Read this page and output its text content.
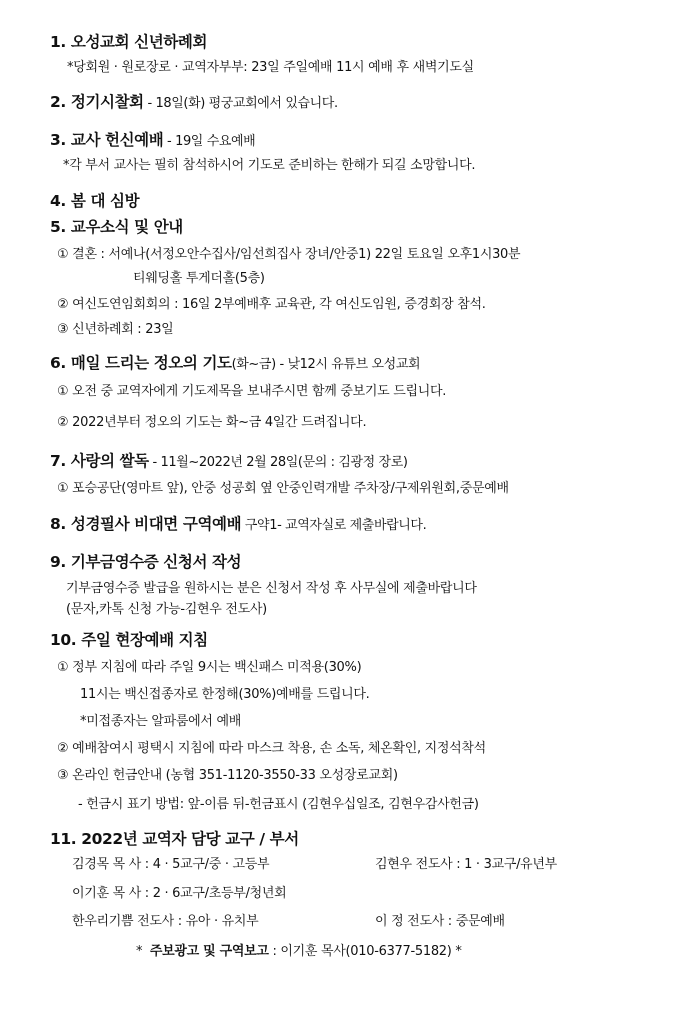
1. 오성교회 신년하례회
*당회원 · 원로장로 · 교역자부부: 23일 주일예배 11시 예배 후 새벽기도실
2. 정기시찰회 - 18일(화) 평궁교회에서 있습니다.
3. 교사 헌신예배 - 19일 수요예배
*각 부서 교사는 필히 참석하시어 기도로 준비하는 한해가 되길 소망합니다.
4. 봄 대 심방
5. 교우소식 및 안내
① 결혼 : 서예나(서정오안수집사/임선희집사 장녀/안중1) 22일 토요일 오후1시30분
티웨딩홀 투게더홀(5층)
② 여신도연임회회의 : 16일 2부예배후 교육관, 각 여신도임원, 증경회장 참석.
③ 신년하례회 : 23일
6. 매일 드리는 정오의 기도(화~금) - 낮12시 유튜브 오성교회
① 오전 중 교역자에게 기도제목을 보내주시면 함께 중보기도 드립니다.
② 2022년부터 정오의 기도는 화~금 4일간 드려집니다.
7. 사랑의 쌀독 - 11월~2022년 2월 28일(문의 : 김광정 장로)
① 포승공단(영마트 앞), 안중 성공회 옆 안중인력개발 주차장/구제위원회,중문예배
8. 성경필사 비대면 구역예배 구약1- 교역자실로 제출바랍니다.
9. 기부금영수증 신청서 작성
기부금영수증 발급을 원하시는 분은 신청서 작성 후 사무실에 제출바랍니다
(문자,카톡 신청 가능-김현우 전도사)
10. 주일 현장예배 지침
① 정부 지침에 따라 주일 9시는 백신패스 미적용(30%)
11시는 백신접종자로 한정해(30%)예배를 드립니다.
*미접종자는 알파룸에서 예배
② 예배참여시 평택시 지침에 따라 마스크 착용, 손 소독, 체온확인, 지정석착석
③ 온라인 헌금안내 (농협 351-1120-3550-33 오성장로교회)
- 헌금시 표기 방법: 앞-이름 뒤-헌금표시 (김현우십일조, 김현우감사헌금)
11. 2022년 교역자 담당 교구 / 부서
김경목 목 사 : 4 · 5교구/중 · 고등부	김현우 전도사 : 1 · 3교구/유년부
이기훈 목 사 : 2 · 6교구/초등부/청년회
한우리기쁨 전도사 : 유아 · 유치부	이 정 전도사 : 중문예배
* 주보광고 및 구역보고 : 이기훈 목사(010-6377-5182) *
